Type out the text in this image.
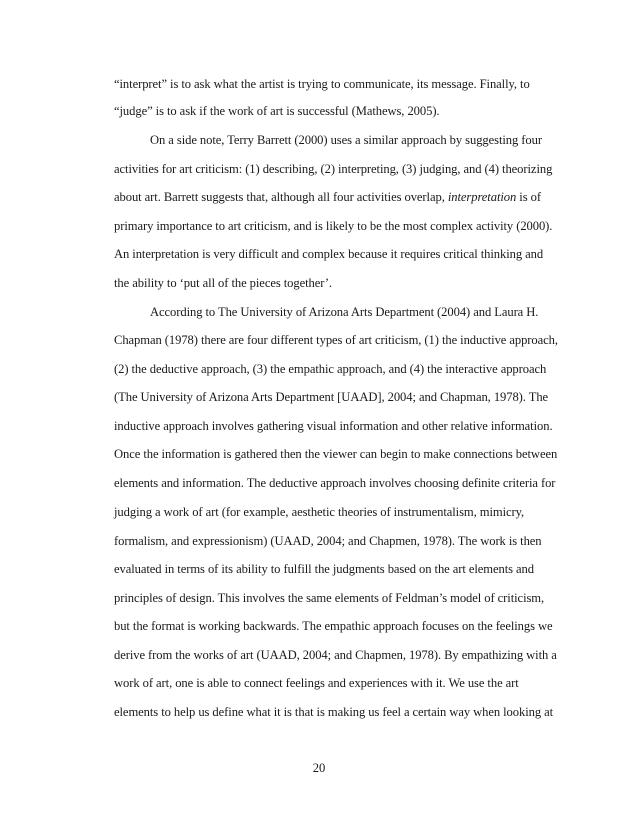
“interpret” is to ask what the artist is trying to communicate, its message. Finally, to
“judge” is to ask if the work of art is successful (Mathews, 2005).
On a side note, Terry Barrett (2000) uses a similar approach by suggesting four
activities for art criticism: (1) describing, (2) interpreting, (3) judging, and (4) theorizing
about art. Barrett suggests that, although all four activities overlap, interpretation is of
primary importance to art criticism, and is likely to be the most complex activity (2000).
An interpretation is very difficult and complex because it requires critical thinking and
the ability to ‘put all of the pieces together’.
According to The University of Arizona Arts Department (2004) and Laura H.
Chapman (1978) there are four different types of art criticism, (1) the inductive approach,
(2) the deductive approach, (3) the empathic approach, and (4) the interactive approach
(The University of Arizona Arts Department [UAAD], 2004; and Chapman, 1978). The
inductive approach involves gathering visual information and other relative information.
Once the information is gathered then the viewer can begin to make connections between
elements and information. The deductive approach involves choosing definite criteria for
judging a work of art (for example, aesthetic theories of instrumentalism, mimicry,
formalism, and expressionism) (UAAD, 2004; and Chapmen, 1978). The work is then
evaluated in terms of its ability to fulfill the judgments based on the art elements and
principles of design. This involves the same elements of Feldman’s model of criticism,
but the format is working backwards. The empathic approach focuses on the feelings we
derive from the works of art (UAAD, 2004; and Chapmen, 1978). By empathizing with a
work of art, one is able to connect feelings and experiences with it. We use the art
elements to help us define what it is that is making us feel a certain way when looking at
20
